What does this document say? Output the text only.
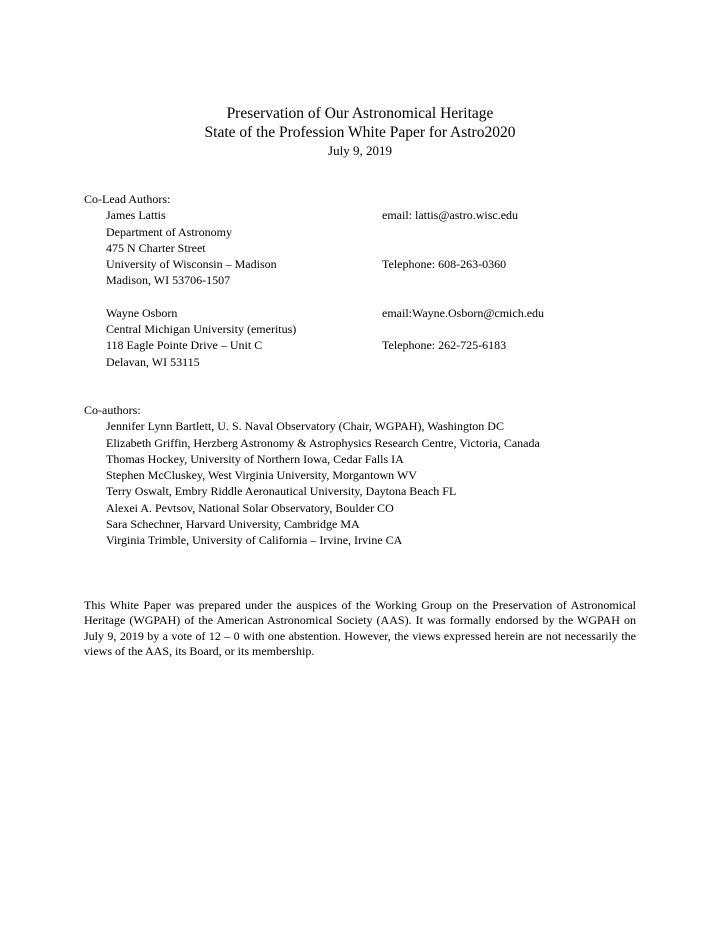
Preservation of Our Astronomical Heritage

State of the Profession White Paper for Astro2020

July 9, 2019

Co-Lead Authors:

James Lattis	email: lattis@astro.wisc.edu
Department of Astronomy
475 N Charter Street
University of Wisconsin – Madison	Telephone: 608-263-0360
Madison, WI 53706-1507
Wayne Osborn	email:Wayne.Osborn@cmich.edu
Central Michigan University (emeritus)
118 Eagle Pointe Drive – Unit C	Telephone: 262-725-6183
Delavan, WI 53115

Co-authors:

Jennifer Lynn Bartlett, U. S. Naval Observatory (Chair, WGPAH), Washington DC
Elizabeth Griffin, Herzberg Astronomy & Astrophysics Research Centre, Victoria, Canada
Thomas Hockey, University of Northern Iowa, Cedar Falls IA
Stephen McCluskey, West Virginia University, Morgantown WV
Terry Oswalt, Embry Riddle Aeronautical University, Daytona Beach FL
Alexei A. Pevtsov, National Solar Observatory, Boulder CO
Sara Schechner, Harvard University, Cambridge MA
Virginia Trimble, University of California – Irvine, Irvine CA

This White Paper was prepared under the auspices of the Working Group on the Preservation of Astronomical Heritage (WGPAH) of the American Astronomical Society (AAS). It was formally endorsed by the WGPAH on July 9, 2019 by a vote of 12 – 0 with one abstention. However, the views expressed herein are not necessarily the views of the AAS, its Board, or its membership.
